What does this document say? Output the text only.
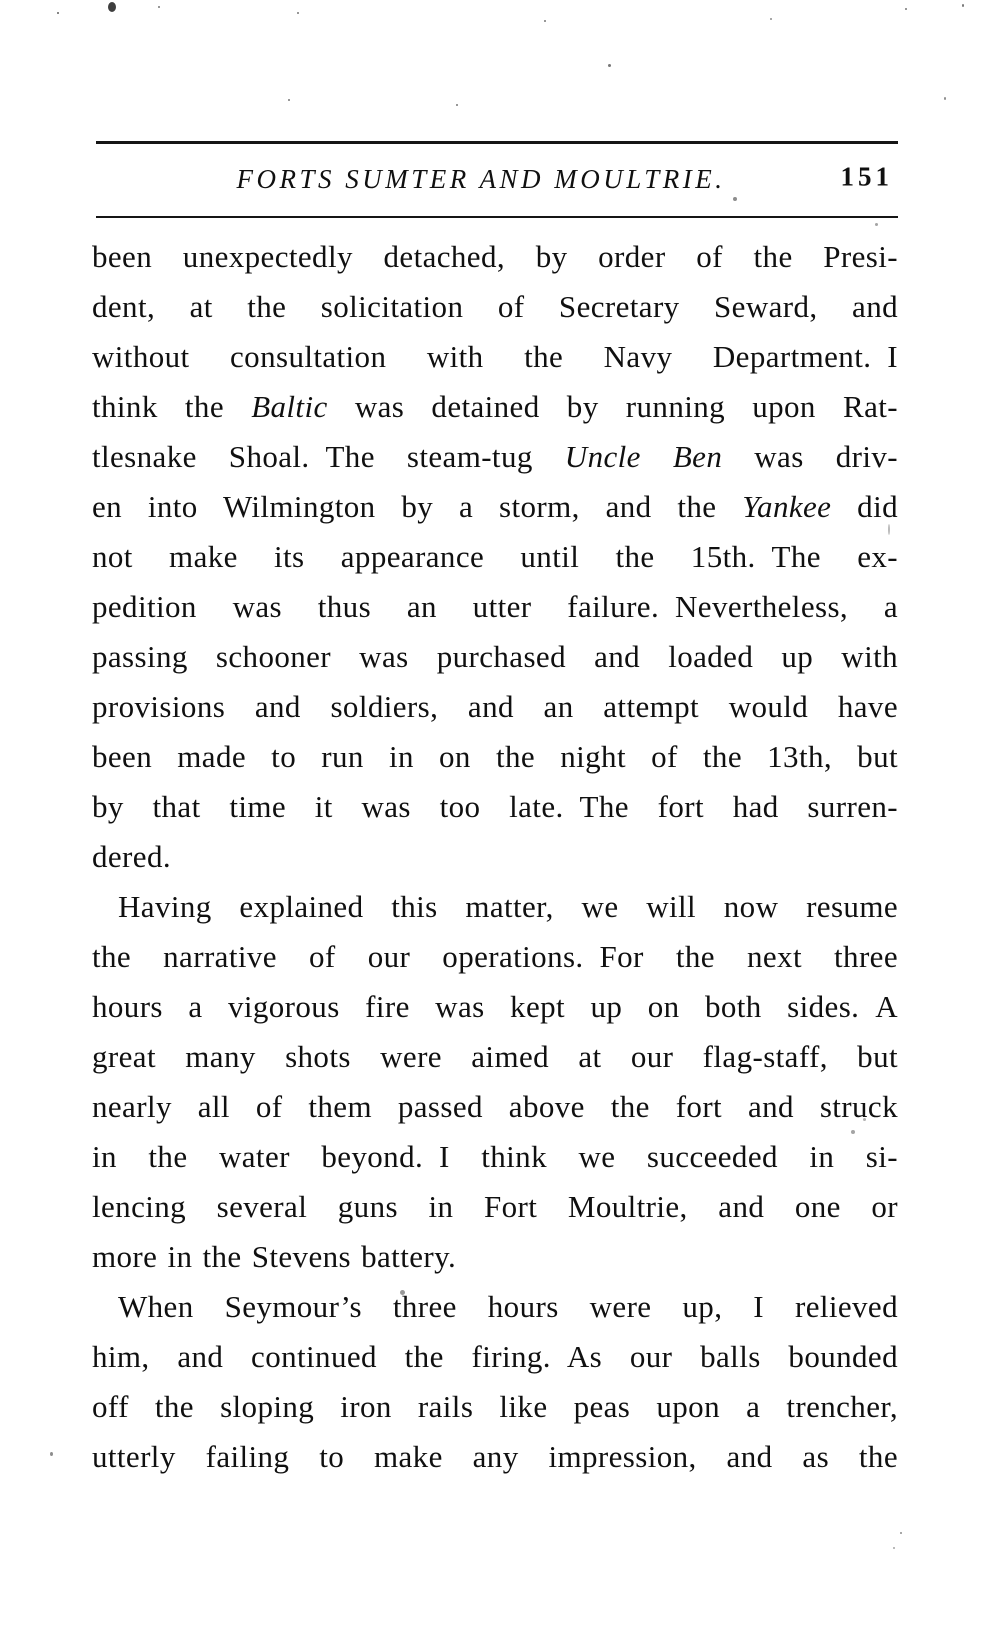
FORTS SUMTER AND MOULTRIE.	151
been unexpectedly detached, by order of the Presi-
dent, at the solicitation of Secretary Seward, and
without consultation with the Navy Department. I
think the Baltic was detained by running upon Rat-
tlesnake Shoal. The steam-tug Uncle Ben was driv-
en into Wilmington by a storm, and the Yankee did
not make its appearance until the 15th. The ex-
pedition was thus an utter failure. Nevertheless, a
passing schooner was purchased and loaded up with
provisions and soldiers, and an attempt would have
been made to run in on the night of the 13th, but
by that time it was too late. The fort had surren-
dered.
Having explained this matter, we will now resume
the narrative of our operations. For the next three
hours a vigorous fire was kept up on both sides. A
great many shots were aimed at our flag-staff, but
nearly all of them passed above the fort and struck
in the water beyond. I think we succeeded in si-
lencing several guns in Fort Moultrie, and one or
more in the Stevens battery.
When Seymour’s three hours were up, I relieved
him, and continued the firing. As our balls bounded
off the sloping iron rails like peas upon a trencher,
utterly failing to make any impression, and as the
